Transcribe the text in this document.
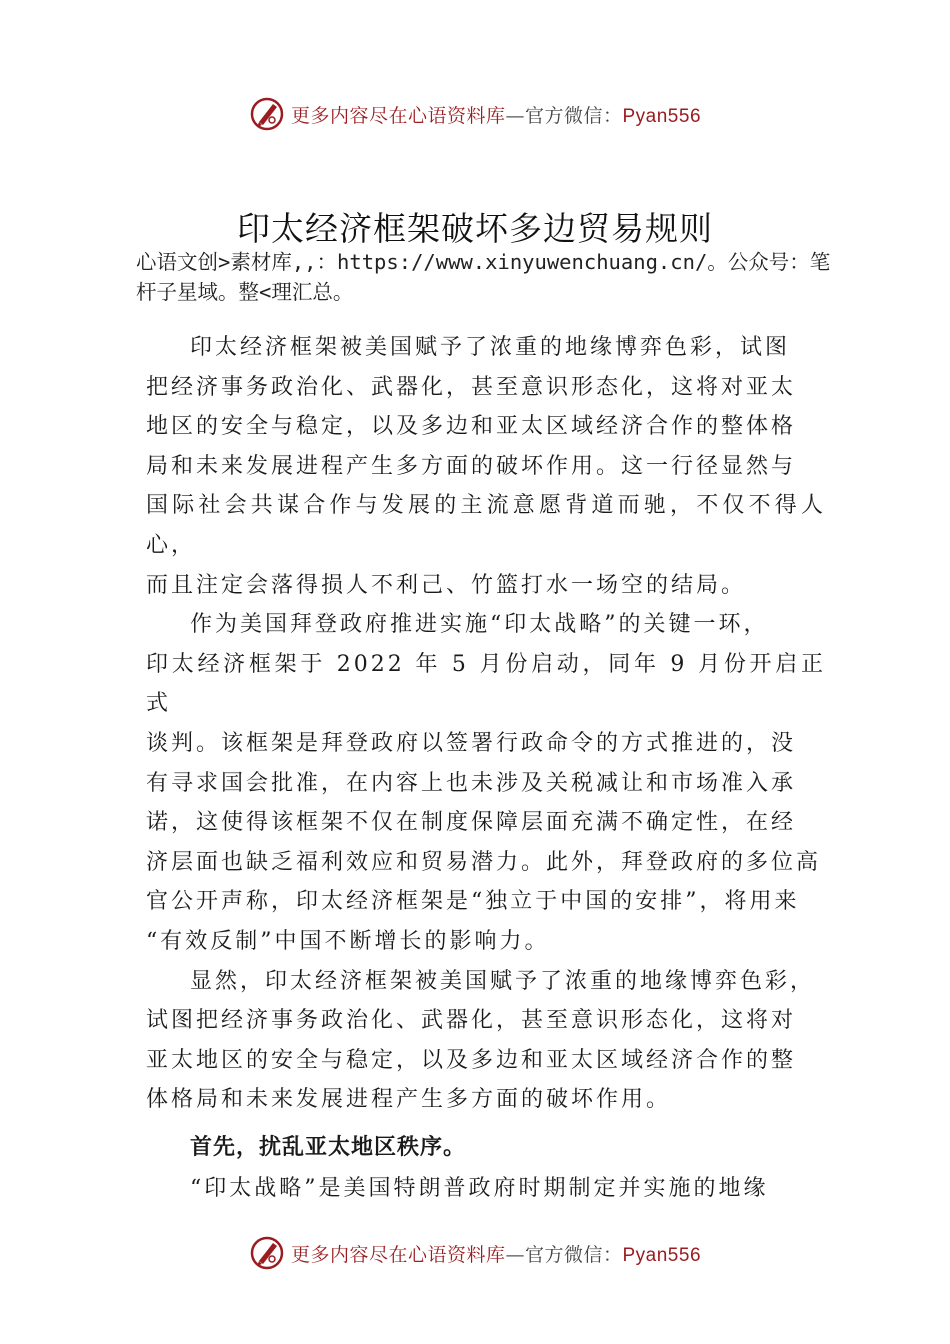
更多内容尽在心语资料库—官方微信：Pyan556
印太经济框架破坏多边贸易规则
心语文创>素材库,,：https://www.xinyuwenchuang.cn/。公众号：笔杆子星域。整<理汇总。

印太经济框架被美国赋予了浓重的地缘博弈色彩，试图
把经济事务政治化、武器化，甚至意识形态化，这将对亚太
地区的安全与稳定，以及多边和亚太区域经济合作的整体格
局和未来发展进程产生多方面的破坏作用。这一行径显然与
国际社会共谋合作与发展的主流意愿背道而驰，不仅不得人心，
而且注定会落得损人不利己、竹篮打水一场空的结局。

作为美国拜登政府推进实施“印太战略”的关键一环，
印太经济框架于 2022 年 5 月份启动，同年 9 月份开启正式
谈判。该框架是拜登政府以签署行政命令的方式推进的，没
有寻求国会批准，在内容上也未涉及关税减让和市场准入承
诺，这使得该框架不仅在制度保障层面充满不确定性，在经
济层面也缺乏福利效应和贸易潜力。此外，拜登政府的多位高
官公开声称，印太经济框架是“独立于中国的安排”，将用来
“有效反制”中国不断增长的影响力。

显然，印太经济框架被美国赋予了浓重的地缘博弈色彩，
试图把经济事务政治化、武器化，甚至意识形态化，这将对
亚太地区的安全与稳定，以及多边和亚太区域经济合作的整
体格局和未来发展进程产生多方面的破坏作用。

首先，扰乱亚太地区秩序。

“印太战略”是美国特朗普政府时期制定并实施的地缘

更多内容尽在心语资料库—官方微信：Pyan556
